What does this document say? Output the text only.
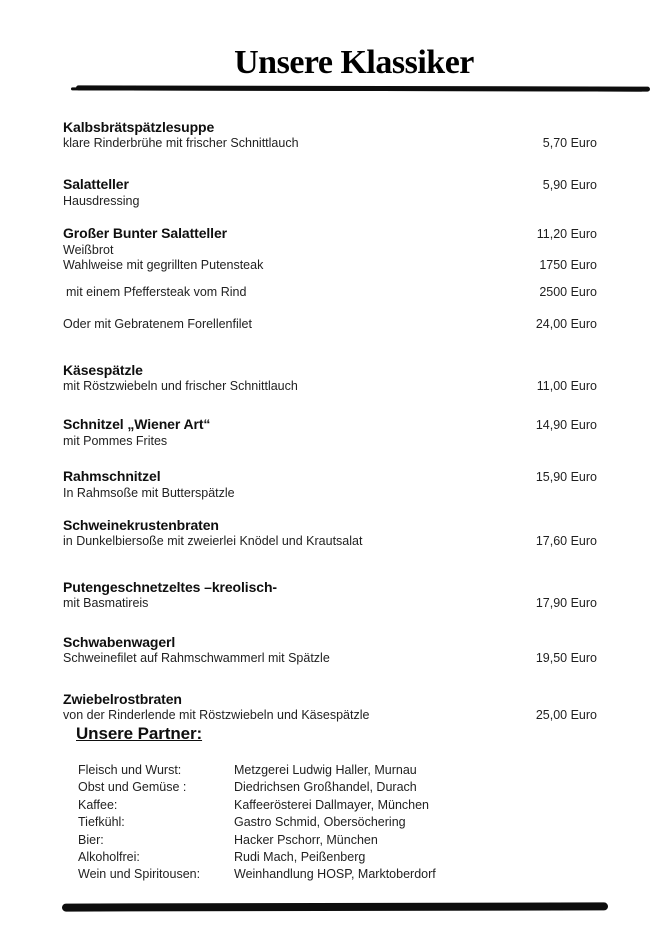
Unsere Klassiker
Kalbsbrätspätzlesuppe
klare Rinderbrühe mit frischer Schnittlauch	5,70 Euro
Salatteller	5,90 Euro
Hausdressing
Großer Bunter Salatteller	11,20 Euro
Weißbrot
Wahlweise mit gegrillten Putensteak	1750 Euro
mit einem Pfeffersteak vom Rind	2500 Euro
Oder mit Gebratenem Forellenfilet	24,00 Euro
Käsespätzle
mit Röstzwiebeln und frischer Schnittlauch	11,00 Euro
Schnitzel „Wiener Art“	14,90 Euro
mit Pommes Frites
Rahmschnitzel	15,90 Euro
In Rahmsoße mit Butterspätzle
Schweinekrustenbraten
in Dunkelbiersoße mit zweierlei Knödel und Krautsalat	17,60 Euro
Putengeschnetzeltes –kreolisch-
mit Basmatireis	17,90 Euro
Schwabenwagerl
Schweinefilet auf Rahmschwammerl mit Spätzle	19,50 Euro
Zwiebelrostbraten
von der Rinderlende mit Röstzwiebeln und Käsespätzle	25,00 Euro
Unsere Partner:
Fleisch und Wurst:	Metzgerei Ludwig Haller, Murnau
Obst und Gemüse :	Diedrichsen Großhandel, Durach
Kaffee:	Kaffeerösterei Dallmayer, München
Tiefkühl:	Gastro Schmid, Obersöchering
Bier:	Hacker Pschorr, München
Alkoholfrei:	Rudi Mach, Peißenberg
Wein und Spiritousen:	Weinhandlung HOSP, Marktoberdorf
